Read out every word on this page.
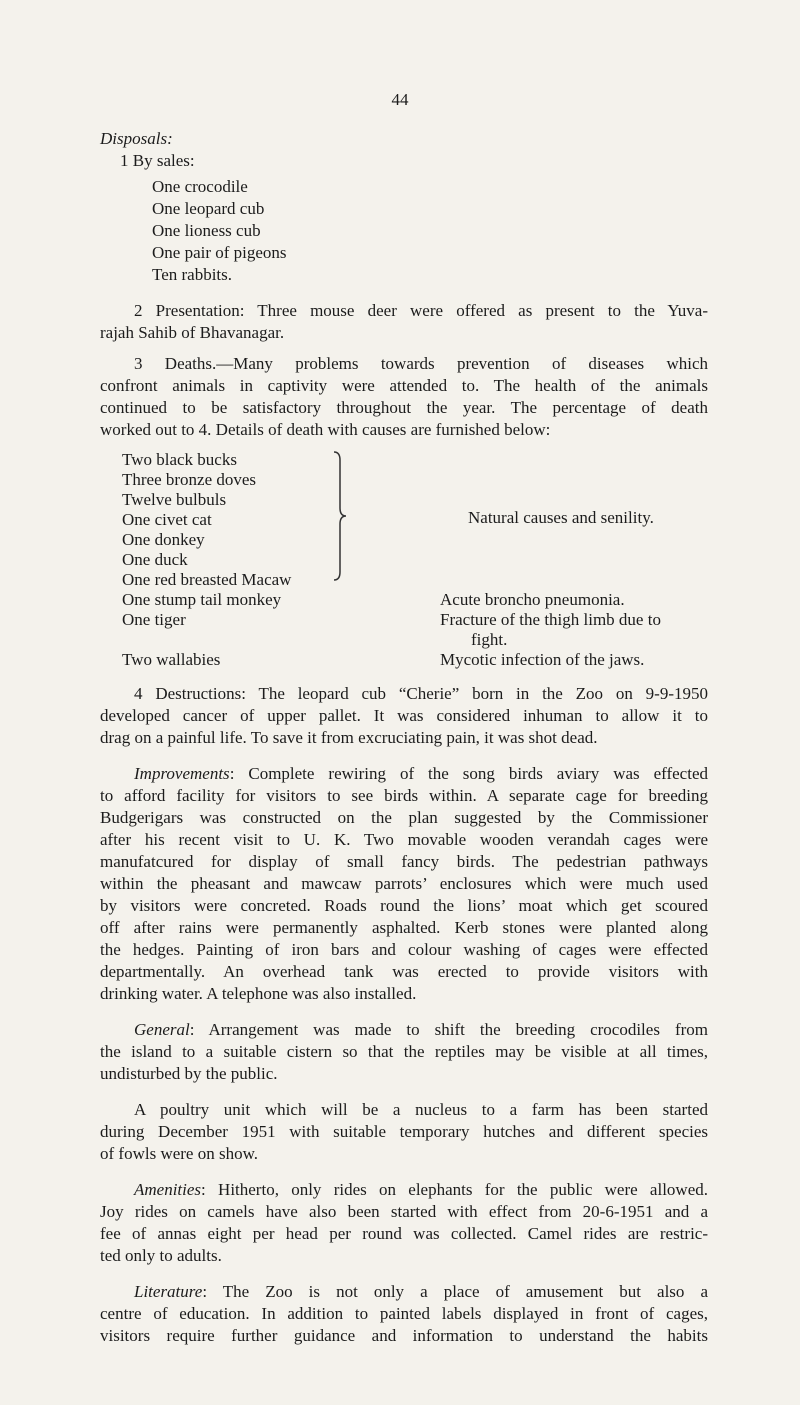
44
Disposals:
1 By sales:
One crocodile
One leopard cub
One lioness cub
One pair of pigeons
Ten rabbits.
2 Presentation: Three mouse deer were offered as present to the Yuva-
rajah Sahib of Bhavanagar.
3 Deaths.—Many problems towards prevention of diseases which
confront animals in captivity were attended to. The health of the animals
continued to be satisfactory throughout the year. The percentage of death
worked out to 4. Details of death with causes are furnished below:
Two black bucks
Three bronze doves
Twelve bulbuls
One civet cat
One donkey
One duck
One red breasted Macaw
Natural causes and senility.
One stump tail monkey	Acute broncho pneumonia.
One tiger	Fracture of the thigh limb due to
fight.
Two wallabies	Mycotic infection of the jaws.
4 Destructions: The leopard cub “Cherie” born in the Zoo on 9-9-1950
developed cancer of upper pallet. It was considered inhuman to allow it to
drag on a painful life. To save it from excruciating pain, it was shot dead.
Improvements: Complete rewiring of the song birds aviary was effected
to afford facility for visitors to see birds within. A separate cage for breeding
Budgerigars was constructed on the plan suggested by the Commissioner
after his recent visit to U. K. Two movable wooden verandah cages were
manufatcured for display of small fancy birds. The pedestrian pathways
within the pheasant and mawcaw parrots’ enclosures which were much used
by visitors were concreted. Roads round the lions’ moat which get scoured
off after rains were permanently asphalted. Kerb stones were planted along
the hedges. Painting of iron bars and colour washing of cages were effected
departmentally. An overhead tank was erected to provide visitors with
drinking water. A telephone was also installed.
General: Arrangement was made to shift the breeding crocodiles from
the island to a suitable cistern so that the reptiles may be visible at all times,
undisturbed by the public.
A poultry unit which will be a nucleus to a farm has been started
during December 1951 with suitable temporary hutches and different species
of fowls were on show.
Amenities: Hitherto, only rides on elephants for the public were allowed.
Joy rides on camels have also been started with effect from 20-6-1951 and a
fee of annas eight per head per round was collected. Camel rides are restric-
ted only to adults.
Literature: The Zoo is not only a place of amusement but also a
centre of education. In addition to painted labels displayed in front of cages,
visitors require further guidance and information to understand the habits
